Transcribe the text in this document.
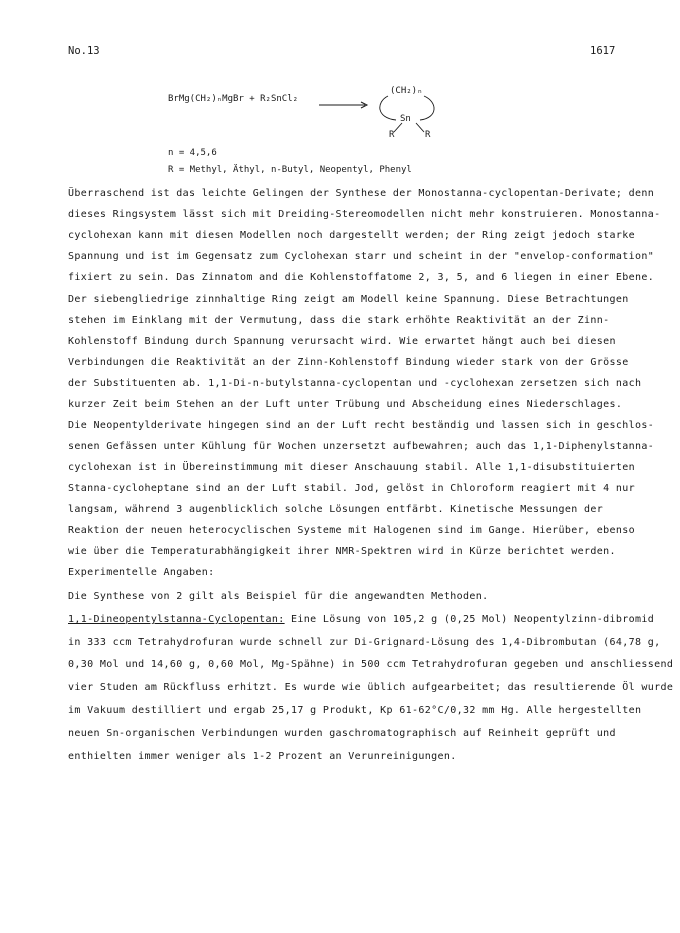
No.13	1617
BrMg(CH₂)ₙMgBr + R₂SnCl₂
(CH₂)ₙ
Sn
R	R
n = 4,5,6
R = Methyl, Äthyl, n-Butyl, Neopentyl, Phenyl
Überraschend ist das leichte Gelingen der Synthese der Monostanna-cyclopentan-Derivate; denn
dieses Ringsystem lässt sich mit Dreiding-Stereomodellen nicht mehr konstruieren. Monostanna-
cyclohexan kann mit diesen Modellen noch dargestellt werden; der Ring zeigt jedoch starke
Spannung und ist im Gegensatz zum Cyclohexan starr und scheint in der "envelop-conformation"
fixiert zu sein. Das Zinnatom and die Kohlenstoffatome 2, 3, 5, and 6 liegen in einer Ebene.
Der siebengliedrige zinnhaltige Ring zeigt am Modell keine Spannung. Diese Betrachtungen
stehen im Einklang mit der Vermutung, dass die stark erhöhte Reaktivität an der Zinn-
Kohlenstoff Bindung durch Spannung verursacht wird. Wie erwartet hängt auch bei diesen
Verbindungen die Reaktivität an der Zinn-Kohlenstoff Bindung wieder stark von der Grösse
der Substituenten ab. 1,1-Di-n-butylstanna-cyclopentan und -cyclohexan zersetzen sich nach
kurzer Zeit beim Stehen an der Luft unter Trübung und Abscheidung eines Niederschlages.
Die Neopentylderivate hingegen sind an der Luft recht beständig und lassen sich in geschlos-
senen Gefässen unter Kühlung für Wochen unzersetzt aufbewahren; auch das 1,1-Diphenylstanna-
cyclohexan ist in Übereinstimmung mit dieser Anschauung stabil. Alle 1,1-disubstituierten
Stanna-cycloheptane sind an der Luft stabil. Jod, gelöst in Chloroform reagiert mit 4 nur
langsam, während 3 augenblicklich solche Lösungen entfärbt. Kinetische Messungen der
Reaktion der neuen heterocyclischen Systeme mit Halogenen sind im Gange. Hierüber, ebenso
wie über die Temperaturabhängigkeit ihrer NMR-Spektren wird in Kürze berichtet werden.
Experimentelle Angaben:
Die Synthese von 2 gilt als Beispiel für die angewandten Methoden.
1,1-Dineopentylstanna-Cyclopentan: Eine Lösung von 105,2 g (0,25 Mol) Neopentylzinn-dibromid
in 333 ccm Tetrahydrofuran wurde schnell zur Di-Grignard-Lösung des 1,4-Dibrombutan (64,78 g,
0,30 Mol und 14,60 g, 0,60 Mol, Mg-Spähne) in 500 ccm Tetrahydrofuran gegeben und anschliessend
vier Studen am Rückfluss erhitzt. Es wurde wie üblich aufgearbeitet; das resultierende Öl wurde
im Vakuum destilliert und ergab 25,17 g Produkt, Kp 61-62°C/0,32 mm Hg. Alle hergestellten
neuen Sn-organischen Verbindungen wurden gaschromatographisch auf Reinheit geprüft und
enthielten immer weniger als 1-2 Prozent an Verunreinigungen.
